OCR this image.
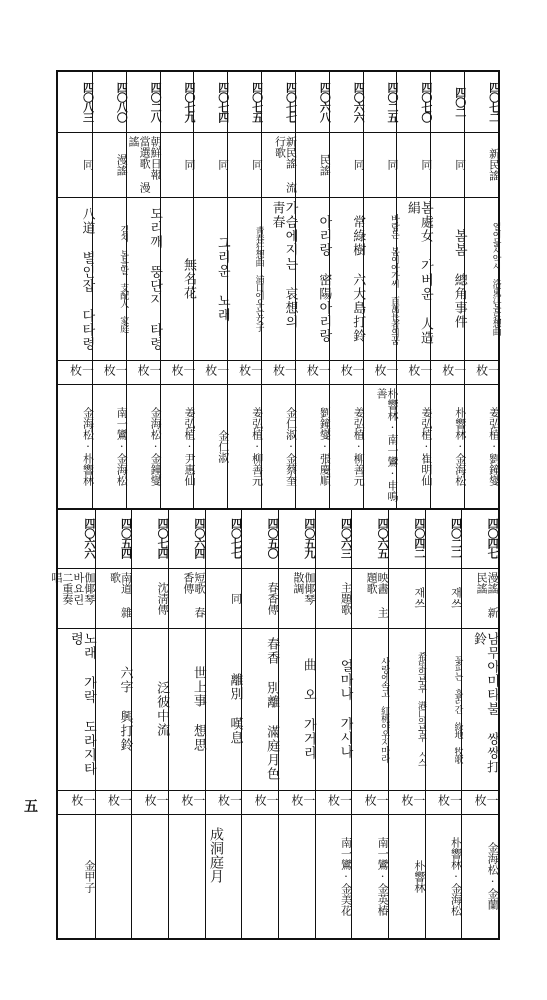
五
四〇七二
四〇二
四〇七〇
四〇二五
四〇六六
四〇六八
四〇七七
四〇七五
四〇七四
四〇七九
四〇二八
四〇八〇
四〇八三
新民謠
同
同
同
同
民謠
新民謠 流行歌
同
同
同
朝鮮日報 當選歌 漫謠
漫謠
同
열여듧시악시 洛東江봄哀想曲
봄봄 總角事件
봄處女 가버운 人造絹
바람든 봄이아가씨 百萬長者의꿈
常綠樹 六大島打鈴
아리랑 密陽아리랑
가슴에지는 哀想의 靑春
靑春狂想曲 浦口에우는女子
그리운 노래
無名花
도리깨 뚱단지 타령
김치 봄을말 支配人 家庭
八道 별인잡 다타령
一枚
一枚
一枚
一枚
一枚
一枚
一枚
一枚
一枚
一枚
一枚
一枚
一枚
姜弘植·劉鐘燮
朴響林·金海松
姜弘植·崔明仙
朴響林·南一鸞·申鳴善
姜弘植·柳善元
劉鐘燮·張慶順
金仁淑·金蔡奎
姜弘植·柳善元
金仁淑
姜弘植·尹惠仙
金海松·金鐘燮
南一鸞·金海松
金海松·朴響林
四〇四七
四〇二二
四〇四二
四〇六五
四〇六三
四〇五九
四〇五〇
四〇七七
四〇六四
四〇七四
四〇五四
四〇六六
漫謠 新民謠
재쓰
재쓰
映畵 主題歌
主題歌
伽倻琴 散調
春香傳
同
短歌 春香傳
沈淸傳
南道 雜歌
伽倻琴 바요린 二重奏 唱
남무아미타불 쌍쌍打鈴
꽃피는 흘러간 綠地 牧歌
希望의부루 港口의부루 ㅅ스
사랑에속고 紅桃야우지마라
얼마나 가시나
曲 오 가거리
春香 別離 滿庭月色
離別 嘆息
世上事 想思
泛彼中流
六字 興打鈴
노래 가락 도라지타령
一枚
一枚
一枚
一枚
一枚
一枚
一枚
一枚
一枚
一枚
一枚
一枚
金海松·金蘭
朴響林·金海松
朴響林
南一鸞·金英椿
南一鸞·金美花
金甲子	成洞庭月
